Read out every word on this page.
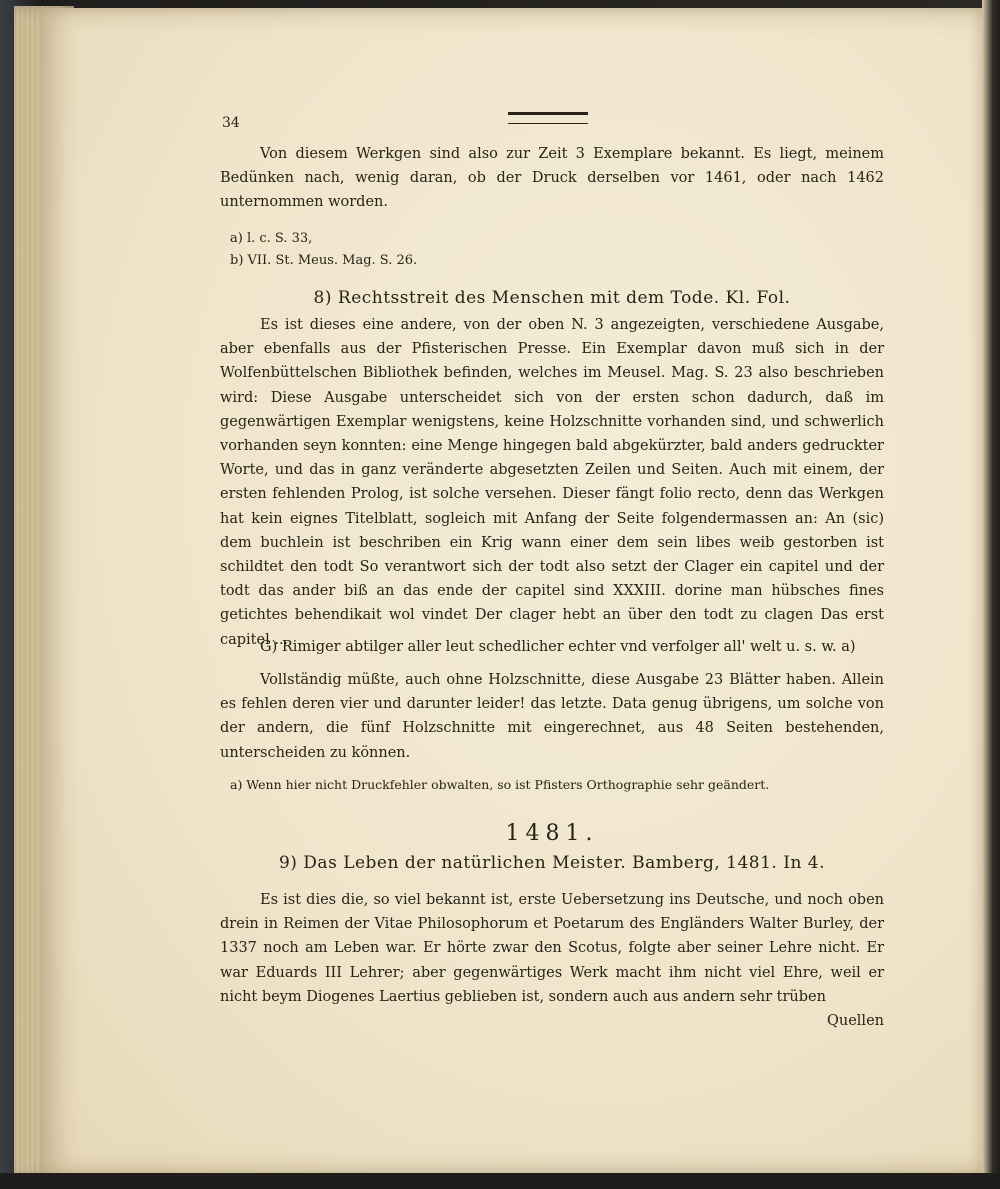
34

Von diesem Werkgen sind also zur Zeit 3 Exemplare bekannt. Es liegt, meinem Bedünken nach, wenig daran, ob der Druck derselben vor 1461, oder nach 1462 unternommen worden.

a) l. c. S. 33,

b) VII. St. Meus. Mag. S. 26.

8) Rechtsstreit des Menschen mit dem Tode. Kl. Fol.

Es ist dieses eine andere, von der oben N. 3 angezeigten, verschiedene Ausgabe, aber ebenfalls aus der Pfisterischen Presse. Ein Exemplar davon muß sich in der Wolfenbüttelschen Bibliothek befinden, welches im Meusel. Mag. S. 23 also beschrieben wird: Diese Ausgabe unterscheidet sich von der ersten schon dadurch, daß im gegenwärtigen Exemplar wenigstens, keine Holzschnitte vorhanden sind, und schwerlich vorhanden seyn konnten: eine Menge hingegen bald abgekürzter, bald anders gedruckter Worte, und das in ganz veränderte abgesetzten Zeilen und Seiten. Auch mit einem, der ersten fehlenden Prolog, ist solche versehen. Dieser fängt folio recto, denn das Werkgen hat kein eignes Titelblatt, sogleich mit Anfang der Seite folgendermassen an: An (sic) dem buchlein ist beschriben ein Krig wann einer dem sein libes weib gestorben ist schildtet den todt So verantwort sich der todt also setzt der Clager ein capitel und der todt das ander biß an das ende der capitel sind XXXIII. dorine man hübsches fines getichtes behendikait wol vindet Der clager hebt an über den todt zu clagen Das erst capitel ....

G) Rimiger abtilger aller leut schedlicher echter vnd verfolger all' welt u. s. w. a)

Vollständig müßte, auch ohne Holzschnitte, diese Ausgabe 23 Blätter haben. Allein es fehlen deren vier und darunter leider! das letzte. Data genug übrigens, um solche von der andern, die fünf Holzschnitte mit eingerechnet, aus 48 Seiten bestehenden, unterscheiden zu können.

a) Wenn hier nicht Druckfehler obwalten, so ist Pfisters Orthographie sehr geändert.

1481.

9) Das Leben der natürlichen Meister. Bamberg, 1481. In 4.

Es ist dies die, so viel bekannt ist, erste Uebersetzung ins Deutsche, und noch oben drein in Reimen der Vitae Philosophorum et Poetarum des Engländers Walter Burley, der 1337 noch am Leben war. Er hörte zwar den Scotus, folgte aber seiner Lehre nicht. Er war Eduards III Lehrer; aber gegenwärtiges Werk macht ihm nicht viel Ehre, weil er nicht beym Diogenes Laertius geblieben ist, sondern auch aus andern sehr trüben

Quellen
